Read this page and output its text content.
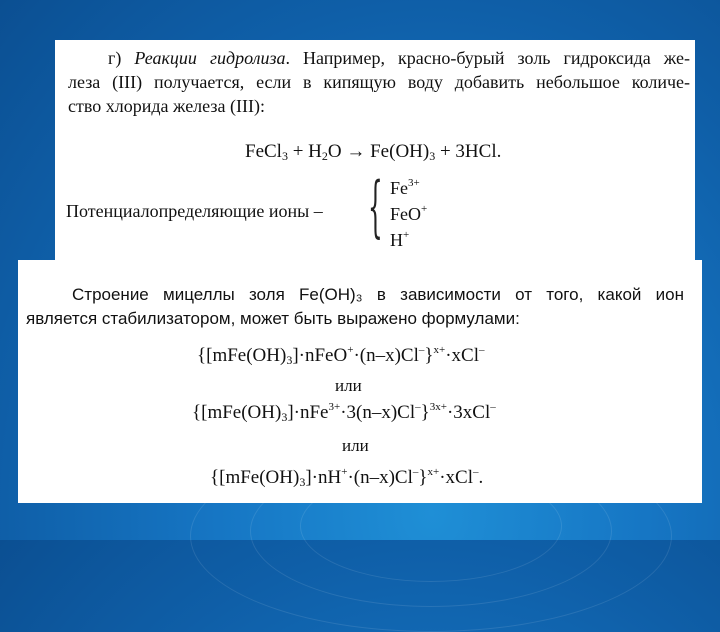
г) Реакции гидролиза. Например, красно-бурый золь гидроксида же-
леза (III) получается, если в кипящую воду добавить небольшое количе-
ство хлорида железа (III):
FeCl$_3$ + $H_2O \to Fe(OH)_3 + 3HCl$.
Потенциалопределяющие ионы – { $Fe^{3+}$
FeO+
H+
Строение мицеллы золя Fe(OH)₃ в зависимости от того, какой ион
является стабилизатором, может быть выражено формулами:
$\{[mFe(OH)_3]\cdot nFeO^+\cdot(n-x)Cl^-\}^{x+}\cdot xCl^-$
или
$\{[mFe(OH)_3]\cdot nFe^{3+}\cdot 3(n-x)Cl^-\}^{3x+}\cdot 3xCl^-$
или
$\{[mFe(OH)_3]\cdot nH^+\cdot(n-x)Cl^-\}^{x+}\cdot xCl^-$.
